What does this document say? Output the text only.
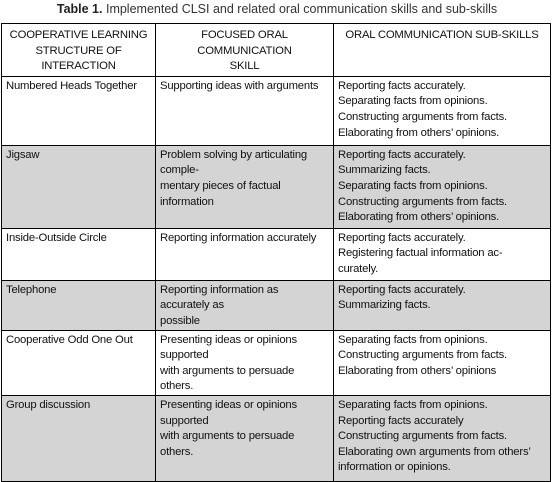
Table 1. Implemented CLSI and related oral communication skills and sub-skills
COOPERATIVE LEARNING
STRUCTURE OF INTERACTION	FOCUSED ORAL COMMUNICATION
SKILL	ORAL COMMUNICATION SUB-SKILLS

Numbered Heads Together	Supporting ideas with arguments	Reporting facts accurately.
Separating facts from opinions.
Constructing arguments from facts.
Elaborating from others’ opinions.

Jigsaw	Problem solving by articulating comple-
mentary pieces of factual information	Reporting facts accurately.
Summarizing facts.
Separating facts from opinions.
Constructing arguments from facts.
Elaborating from others’ opinions.

Inside-Outside Circle	Reporting information accurately	Reporting facts accurately.
Registering factual information ac-
curately.

Telephone	Reporting information as accurately as
possible	Reporting facts accurately.
Summarizing facts.

Cooperative Odd One Out	Presenting ideas or opinions supported
with arguments to persuade others.	Separating facts from opinions.
Constructing arguments from facts.
Elaborating from others’ opinions

Group discussion	Presenting ideas or opinions supported
with arguments to persuade others.	Separating facts from opinions.
Reporting facts accurately
Constructing arguments from facts.
Elaborating own arguments from others’
information or opinions.
